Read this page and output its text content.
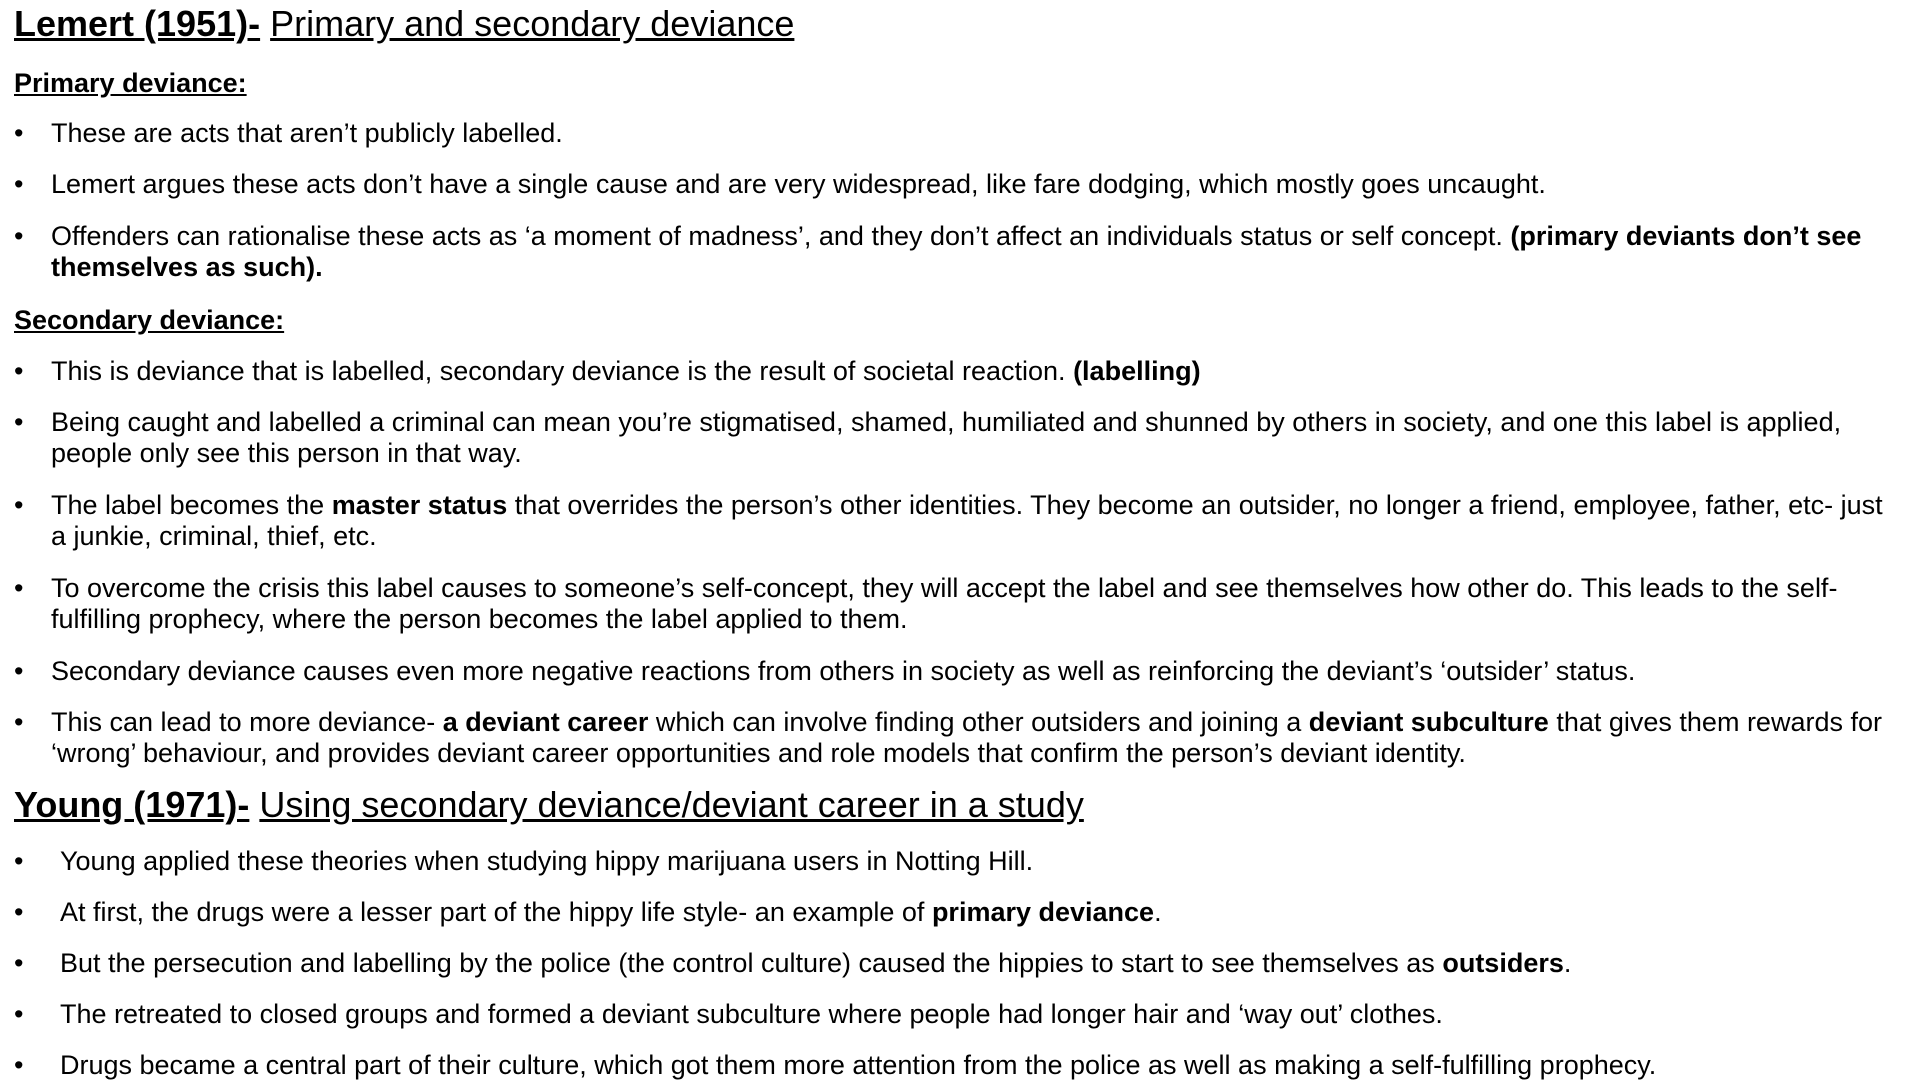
Lemert (1951)- Primary and secondary deviance
Primary deviance:
•	These are acts that aren’t publicly labelled.
•	Lemert argues these acts don’t have a single cause and are very widespread, like fare dodging, which mostly goes uncaught.
•	Offenders can rationalise these acts as ‘a moment of madness’, and they don’t affect an individuals status or self concept. (primary deviants don’t see themselves as such).
Secondary deviance:
•	This is deviance that is labelled, secondary deviance is the result of societal reaction. (labelling)
•	Being caught and labelled a criminal can mean you’re stigmatised, shamed, humiliated and shunned by others in society, and one this label is applied, people only see this person in that way.
•	The label becomes the master status that overrides the person’s other identities. They become an outsider, no longer a friend, employee, father, etc- just a junkie, criminal, thief, etc.
•	To overcome the crisis this label causes to someone’s self-concept, they will accept the label and see themselves how other do. This leads to the self-fulfilling prophecy, where the person becomes the label applied to them.
•	Secondary deviance causes even more negative reactions from others in society as well as reinforcing the deviant’s ‘outsider’ status.
•	This can lead to more deviance- a deviant career which can involve finding other outsiders and joining a deviant subculture that gives them rewards for ‘wrong’ behaviour, and provides deviant career opportunities and role models that confirm the person’s deviant identity.
Young (1971)- Using secondary deviance/deviant career in a study
•	Young applied these theories when studying hippy marijuana users in Notting Hill.
•	At first, the drugs were a lesser part of the hippy life style- an example of primary deviance.
•	But the persecution and labelling by the police (the control culture) caused the hippies to start to see themselves as outsiders.
•	The retreated to closed groups and formed a deviant subculture where people had longer hair and ‘way out’ clothes.
•	Drugs became a central part of their culture, which got them more attention from the police as well as making a self-fulfilling prophecy.
